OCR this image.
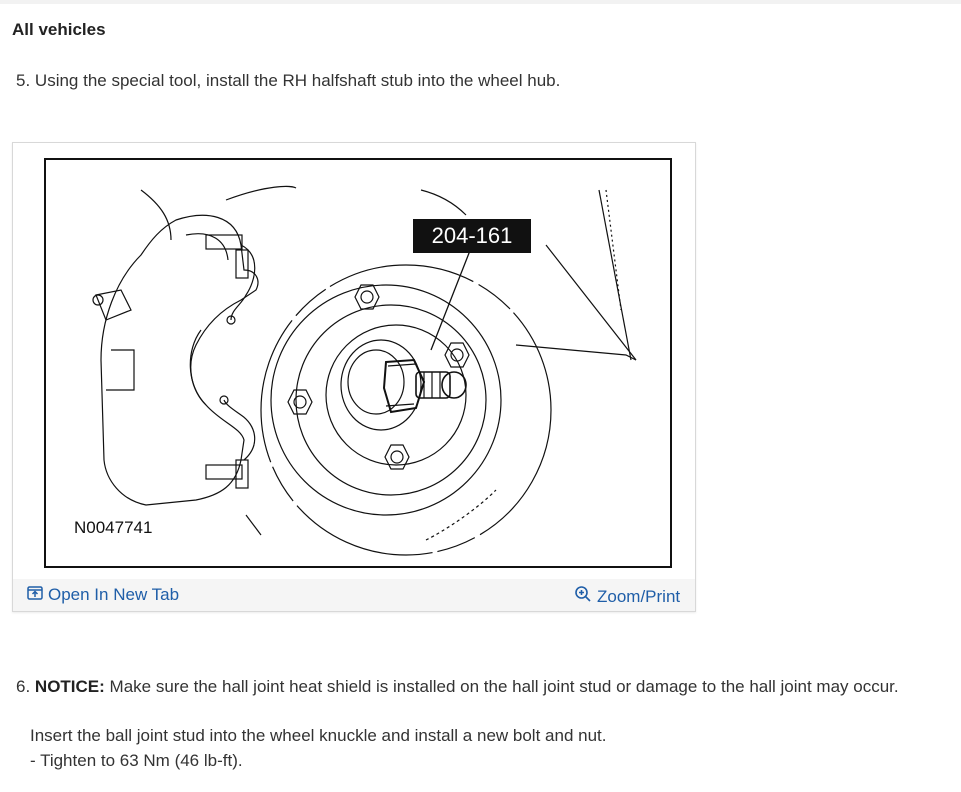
All vehicles
5. Using the special tool, install the RH halfshaft stub into the wheel hub.
204-161
N0047741
Open In New Tab	Zoom/Print
6. NOTICE: Make sure the hall joint heat shield is installed on the hall joint stud or damage to the hall joint may occur.
Insert the ball joint stud into the wheel knuckle and install a new bolt and nut.
- Tighten to 63 Nm (46 lb-ft).
